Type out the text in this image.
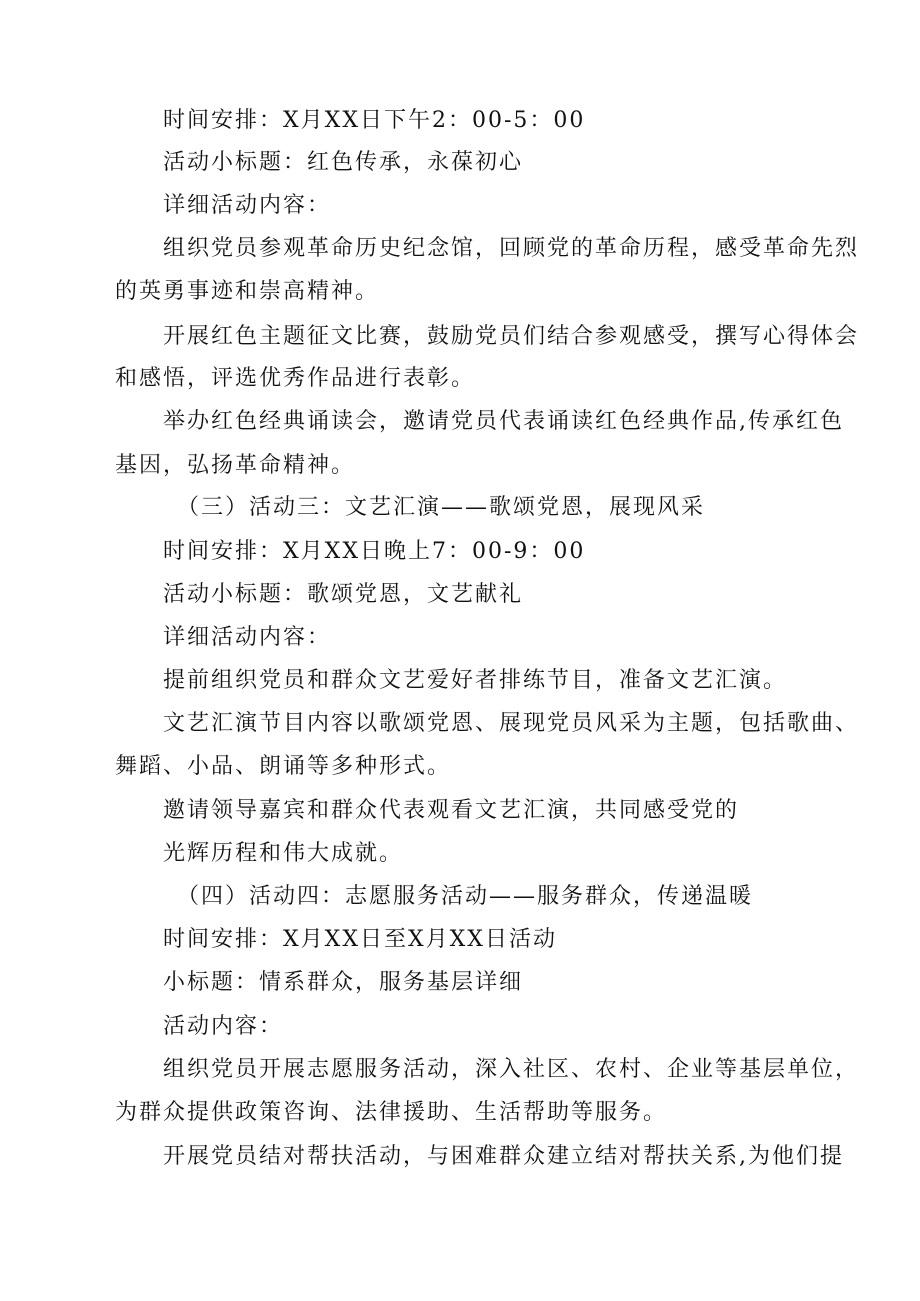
时间安排：X月XX日下午2：00-5：00
活动小标题：红色传承，永葆初心
详细活动内容：
组织党员参观革命历史纪念馆，回顾党的革命历程，感受革命先烈
的英勇事迹和崇高精神。
开展红色主题征文比赛，鼓励党员们结合参观感受，撰写心得体会
和感悟，评选优秀作品进行表彰。
举办红色经典诵读会，邀请党员代表诵读红色经典作品,传承红色
基因，弘扬革命精神。
（三）活动三：文艺汇演——歌颂党恩，展现风采
时间安排：X月XX日晚上7：00-9：00
活动小标题：歌颂党恩，文艺献礼
详细活动内容：
提前组织党员和群众文艺爱好者排练节目，准备文艺汇演。
文艺汇演节目内容以歌颂党恩、展现党员风采为主题，包括歌曲、
舞蹈、小品、朗诵等多种形式。
邀请领导嘉宾和群众代表观看文艺汇演，共同感受党的
光辉历程和伟大成就。
（四）活动四：志愿服务活动——服务群众，传递温暖
时间安排：X月XX日至X月XX日活动
小标题：情系群众，服务基层详细
活动内容：
组织党员开展志愿服务活动，深入社区、农村、企业等基层单位，
为群众提供政策咨询、法律援助、生活帮助等服务。
开展党员结对帮扶活动，与困难群众建立结对帮扶关系,为他们提
